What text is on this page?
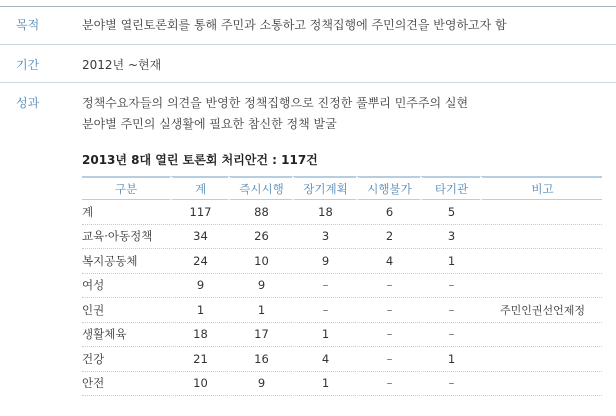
목적	분야별 열린토론회를 통해 주민과 소통하고 정책집행에 주민의견을 반영하고자 함
기간	2012년 ~현재
성과	정책수요자들의 의견을 반영한 정책집행으로 진정한 풀뿌리 민주주의 실현
분야별 주민의 실생활에 필요한 참신한 정책 발굴
2013년 8대 열린 토론회 처리안건 : 117건
구분	계	즉시시행	장기계획	시행불가	타기관	비고
계	117	88	18	6	5	
교육·아동정책	34	26	3	2	3	
복지공동체	24	10	9	4	1	
여성	9	9	–	–	–	
인권	1	1	–	–	–	주민인권선언제정
생활체육	18	17	1	–	–	
건강	21	16	4	–	1	
안전	10	9	1	–	–	
